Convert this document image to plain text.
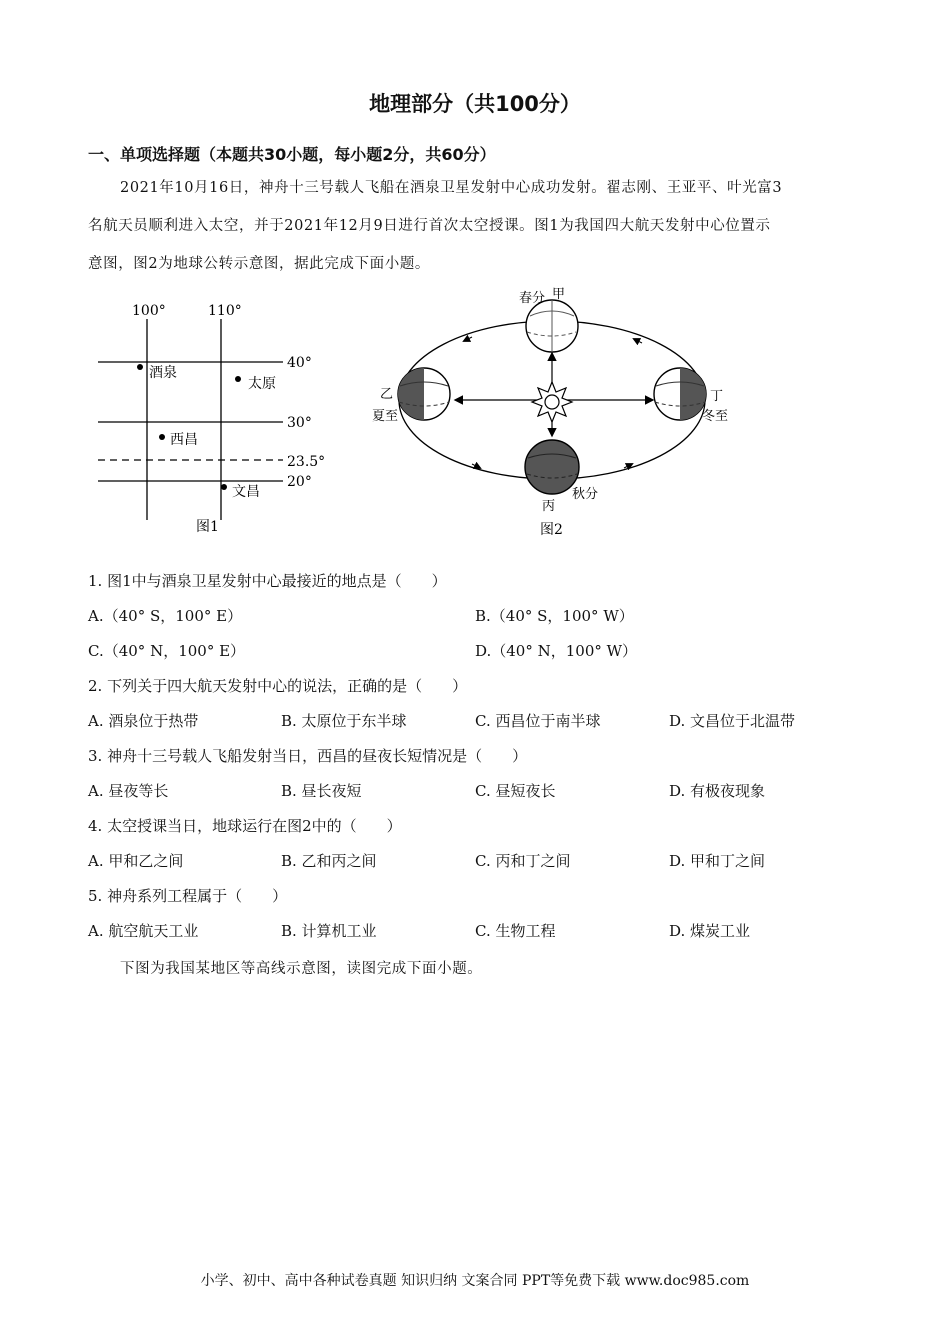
地理部分（共100分）
一、单项选择题（本题共30小题，每小题2分，共60分）
2021年10月16日，神舟十三号载人飞船在酒泉卫星发射中心成功发射。翟志刚、王亚平、叶光富3
名航天员顺利进入太空，并于2021年12月9日进行首次太空授课。图1为我国四大航天发射中心位置示
意图，图2为地球公转示意图，据此完成下面小题。
100°	110°
40°
30°
23.5°
20°
酒泉
太原
西昌
文昌
图1
春分 甲
乙
夏至
丁
冬至
丙
秋分
图2
1. 图1中与酒泉卫星发射中心最接近的地点是（　　）
A.（40° S，100° E）	B.（40° S，100° W）
C.（40° N，100° E）	D.（40° N，100° W）
2. 下列关于四大航天发射中心的说法，正确的是（　　）
A. 酒泉位于热带	B. 太原位于东半球	C. 西昌位于南半球	D. 文昌位于北温带
3. 神舟十三号载人飞船发射当日，西昌的昼夜长短情况是（　　）
A. 昼夜等长	B. 昼长夜短	C. 昼短夜长	D. 有极夜现象
4. 太空授课当日，地球运行在图2中的（　　）
A. 甲和乙之间	B. 乙和丙之间	C. 丙和丁之间	D. 甲和丁之间
5. 神舟系列工程属于（　　）
A. 航空航天工业	B. 计算机工业	C. 生物工程	D. 煤炭工业
下图为我国某地区等高线示意图，读图完成下面小题。
小学、初中、高中各种试卷真题 知识归纳 文案合同 PPT等免费下载 www.doc985.com
